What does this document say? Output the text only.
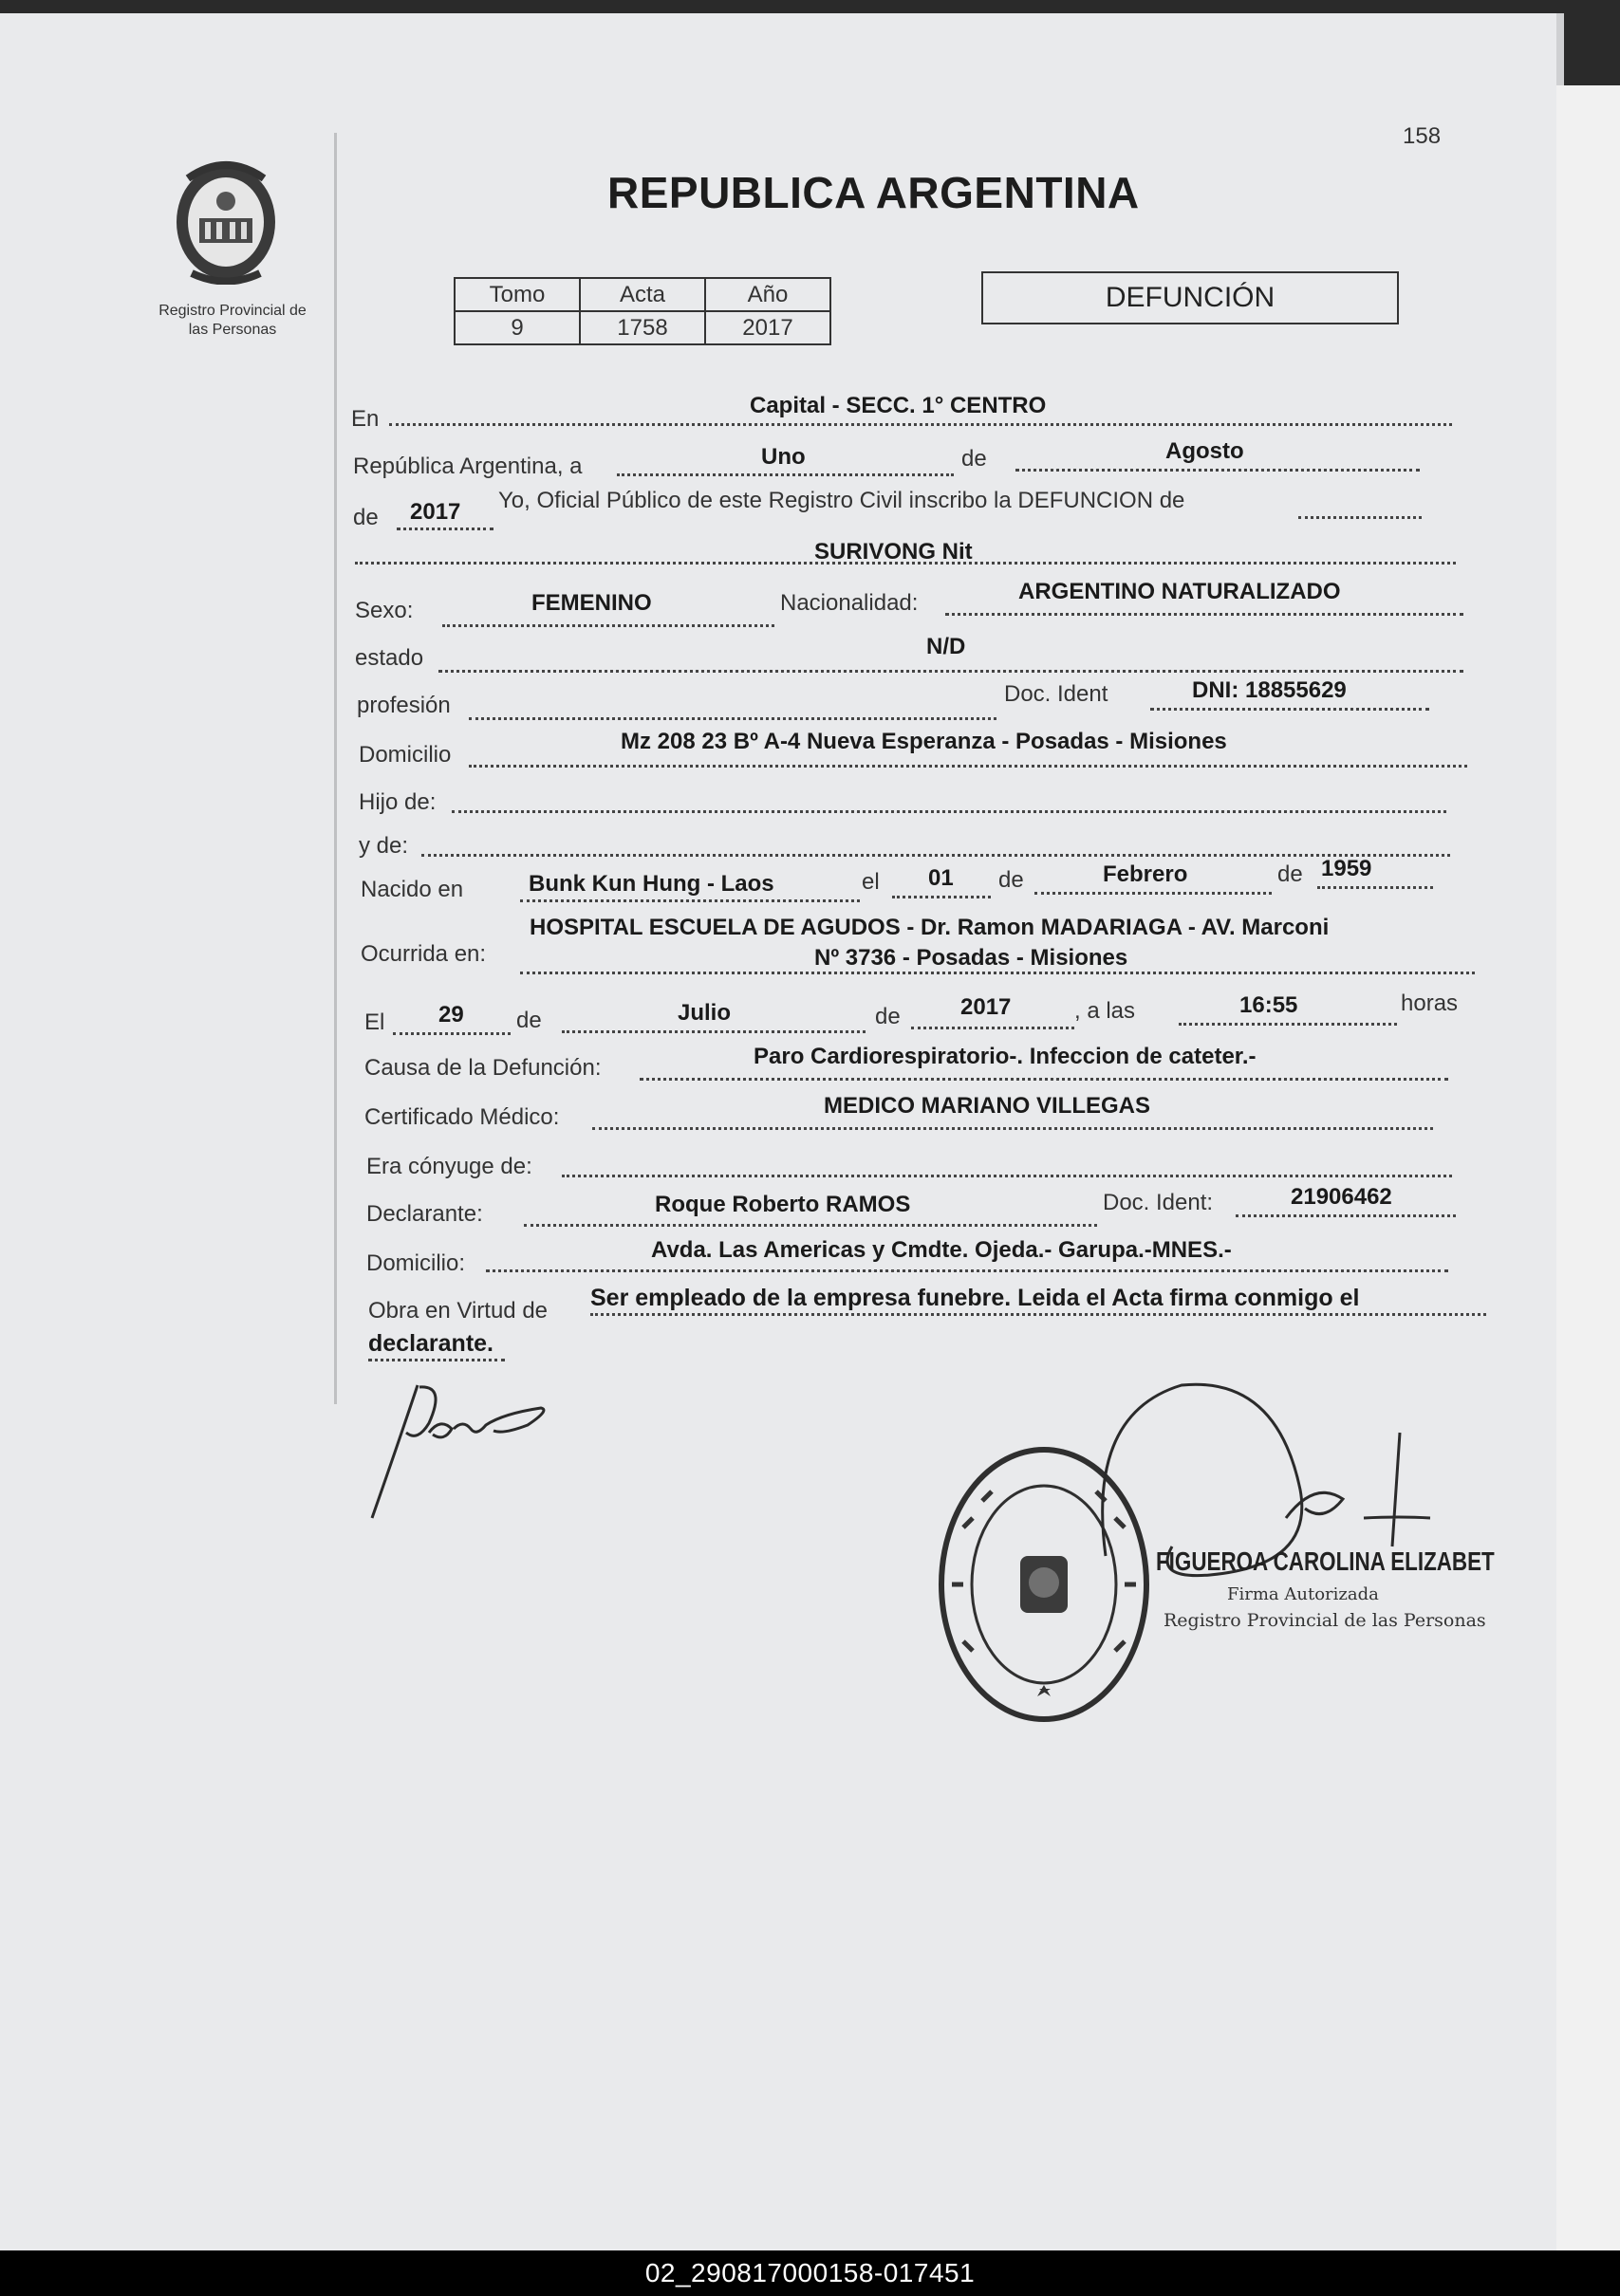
158
Registro Provincial de
las Personas
REPUBLICA ARGENTINA
Tomo	Acta	Año
9	1758	2017
DEFUNCIÓN
En
Capital - SECC. 1° CENTRO
República Argentina, a	Uno	de	Agosto
de 2017 Yo, Oficial Público de este Registro Civil inscribo la DEFUNCION de
SURIVONG Nit
Sexo:	FEMENINO	Nacionalidad:	ARGENTINO NATURALIZADO
estado	N/D
profesión	Doc. Ident	DNI: 18855629
Domicilio
Mz 208 23 Bº A-4 Nueva Esperanza - Posadas - Misiones
Hijo de:
y de:
Nacido en	Bunk Kun Hung - Laos	el 01 de	Febrero	de 1959
HOSPITAL ESCUELA DE AGUDOS - Dr. Ramon MADARIAGA - AV. Marconi
Ocurrida en:	Nº 3736 - Posadas - Misiones
El 29 de	Julio	de	2017	, a las	16:55	horas
Causa de la Defunción:	Paro Cardiorespiratorio-. Infeccion de cateter.-
Certificado Médico:	MEDICO MARIANO VILLEGAS
Era cónyuge de:
Declarante:	Roque Roberto RAMOS	Doc. Ident:	21906462
Domicilio:
Avda. Las Americas y Cmdte. Ojeda.- Garupa.-MNES.-
Obra en Virtud de Ser empleado de la empresa funebre. Leida el Acta firma conmigo el
declarante.
FIGUEROA CAROLINA ELIZABET
Firma Autorizada
Registro Provincial de las Personas
02_290817000158-017451
